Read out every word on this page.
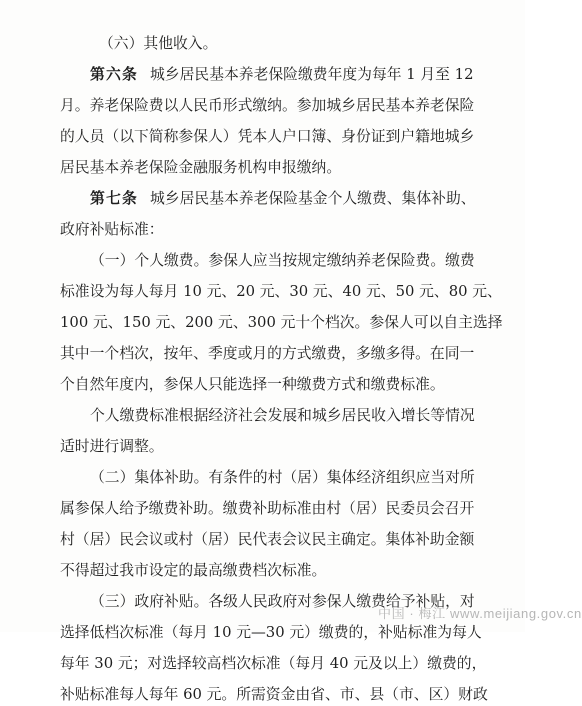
（六）其他收入。
第六条 城乡居民基本养老保险缴费年度为每年 1 月至 12
月。养老保险费以人民币形式缴纳。参加城乡居民基本养老保险
的人员（以下简称参保人）凭本人户口簿、身份证到户籍地城乡
居民基本养老保险金融服务机构申报缴纳。
第七条 城乡居民基本养老保险基金个人缴费、集体补助、
政府补贴标准：
（一）个人缴费。参保人应当按规定缴纳养老保险费。缴费
标准设为每人每月 10 元、20 元、30 元、40 元、50 元、80 元、
100 元、150 元、200 元、300 元十个档次。参保人可以自主选择
其中一个档次，按年、季度或月的方式缴费，多缴多得。在同一
个自然年度内，参保人只能选择一种缴费方式和缴费标准。
个人缴费标准根据经济社会发展和城乡居民收入增长等情况
适时进行调整。
（二）集体补助。有条件的村（居）集体经济组织应当对所
属参保人给予缴费补助。缴费补助标准由村（居）民委员会召开
村（居）民会议或村（居）民代表会议民主确定。集体补助金额
不得超过我市设定的最高缴费档次标准。
（三）政府补贴。各级人民政府对参保人缴费给予补贴，对
选择低档次标准（每月 10 元—30 元）缴费的，补贴标准为每人
每年 30 元；对选择较高档次标准（每月 40 元及以上）缴费的，
补贴标准每人每年 60 元。所需资金由省、市、县（市、区）财政
中国 · 梅江 www.meijiang.gov.cn
